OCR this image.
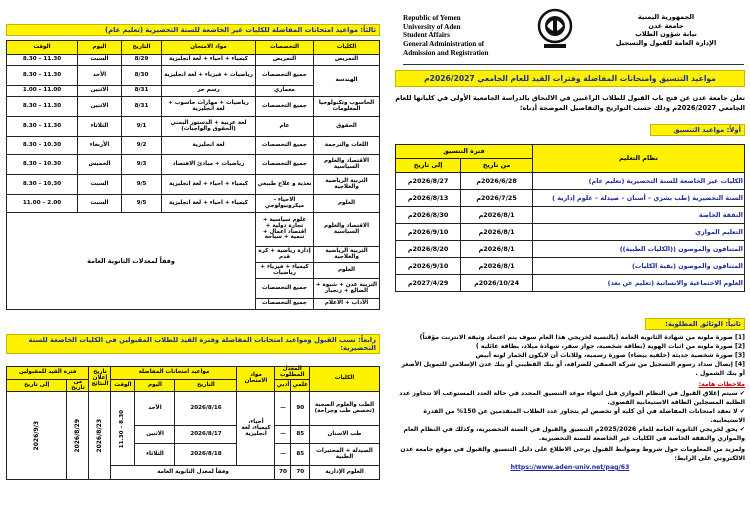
Republic of Yemen
University of Aden
Student Affairs
General Administration of
Admission and Registration
الجمهورية اليمنية
جامعة عدن
نيابة شؤون الطلاب
الإدارة العامة للقبول والتسجيل
مواعيد التنسيق وامتحانات المفاضلة وفترات القيد للعام الجامعي 2026/2027م
تعلن جامعة عدن عن فتح باب القبول للطلاب الراغبين في الالتحاق بالدراسة الجامعية الأولى في كلياتها للعام الجامعي 2026/2027م وذلك حسب التواريخ والتفاصيل الموضحة أدناه:
أولاً: مواعيد التنسيق
نظام التعليم	فترة التنسيق	
	من تاريخ	إلى تاريخ
الكليات غير الخاضعة للسنة التحضيرية (تعليم عام)	2026/6/28م	2026/8/27م
السنة التحضيرية (طب بشري – أسنان – صيدلة – علوم إدارية )	2026/7/25م	2026/8/13م
النفقة الخاصة	2026/8/1م	2026/8/30م
التعليم الموازي	2026/8/1م	2026/9/10م
المتنافون والموصون ((الكليات الطبية))	2026/8/1م	2026/8/20م
المتنافون والموصون (بقية الكليات)	2026/8/1م	2026/9/10م
العلوم الاجتماعية والانسانية (تعليم عن بعد)	2026/10/24م	2027/4/29م
ثانياً: الوثائق المطلوبة:
[1] صورة ملونة من شهادة الثانوية العامة (بالنسبة لخريجي هذا العام سوف يتم اعتماد وثيقة الانترنت مؤقتاً)
[2] صورة ملونة من اثبات الهوية (بطاقة شخصية، جواز سفر، شهادة ميلاد، بطاقة عائلية )
[3] صورة شخصية حديثة (خلفية بيضاء) صورة رسمية، وللاناث أن لايكون الخمار لونه أبيض
[4] إيصال سداد رسوم التسجيل من شركة العمقي للصرافة، أو بنك القطيبي أو بنك عدن الإسلامي للتمويل الأصغر أو بنك الشمول .
ملاحظات هامة:
✔ سيتم إغلاق القبول في النظام الموازي قبل انتهاء موعد التنسيق المحدد في حالة العدد المستوعب ألا تتجاوز عدد الطلبة المسجلين الطاقة الاستيعابية القصوى.
✔ لا تعقد امتحانات المفاضلة في أي كلية أو تخصص لم يتجاوز عدد الطلاب المتقدمين عن 150% من القدرة الاستيعابية.
✔ يحق لخريجي الثانوية العامة للعام 2025/2026م التنسيق والقبول في السنة التحضيرية، وكذلك في النظام العام والموازي والنفقة الخاصة في الكليات غير الخاضعة للسنة التحضيرية.
ولمزيد من المعلومات حول شروط وضوابط القبول يرجى الاطلاع على دليل التنسيق والقبول في موقع جامعة عدن الالكتروني على الرابط:
https://www.aden-univ.net/pag/63
ثالثاً: مواعيد امتحانات المفاضلة للكليات غير الخاضعة للسنة التحضيرية (تعليم عام)
الكليات	التخصصات	مواد الامتحان	التاريخ	اليوم	الوقت
التمريض	التمريض	كيمياء + احياء + لغة انجليزية	8/29	السبت	11.30 – 8.30
الهندسة	جميع التخصصات	رياضيات + فيزياء + لغة انجليزية	8/30	الأحد	11.30 – 8.30
	معماري	رسم حر	8/31	الاثنين	11.00 – 1.00
الحاسوب وتكنولوجيا المعلومات	جميع التخصصات	رياضيات + مهارات حاسوب + لغة انجليزية	8/31	الاثنين	11.30 – 8.30
الحقوق	عام	لغة عربية + الدستور اليمني (الحقوق والواجبات)	9/1	الثلاثاء	11.30 – 8.30
اللغات والترجمة	جميع التخصصات	لغة انجليزية	9/2	الأربعاء	10.30 – 8.30
الاقتصاد والعلوم السياسية	جميع التخصصات	رياضيات + مبادئ الاقتصاد	9/3	الخميس	10.30 – 8.30
التربية الرياضية والعلاجية	تغذية و علاج طبيعي	كيمياء + احياء + لغة انجليزية	9/5	السبت	10.30 – 8.30
العلوم	الاحياء - ميكروبيولوجي	كيمياء + احياء + لغة انجليزية	9/5	السبت	2.00 – 11.00
الاقتصاد والعلوم السياسية	علوم سياسية + تجارة دولية + اقتصاد اعمال + تنمية + سياحة	وفقاً لمعدلات الثانوية العامة			
التربية الرياضية والعلاجية	إدارة رياضية + كرة قدم				
العلوم	كيمياء + فيزياء + رياضيات				
التربية عدن + شبوة + الضالع + زنجبار	جميع التخصصات				
الآداب + الاعلام	جميع التخصصات				
رابعاً: نسب القبول ومواعيد امتحانات المفاضلة وفترة القيد للطلاب المقبولين في الكليات الخاضعة للسنة التحضيرية:
الكليات	المعدل المطلوب		مواد الامتحان	مواعيد امتحانات المفاضلة			تاريخ إعلان النتائج	فترة القيد للمقبولين	
	علمي	أدبي		التاريخ	اليوم	الوقت		من تاريخ	إلى تاريخ
الطب والعلوم الصحية (تخصص طب وجراحة)	90	—	أحياء، كيمياء، لغة انجليزية	2026/8/16	الأحد	8.30 – 11.30	2026/8/23	2026/8/29	2026/9/3

طب الاسنان	85	—		2026/8/17	الاثنين				
الصيدلة + المختبرات الطبية	85	—		2026/8/18	الثلاثاء				
العلوم الإدارية	70	70	وفقاً لمعدل الثانوية العامة						
